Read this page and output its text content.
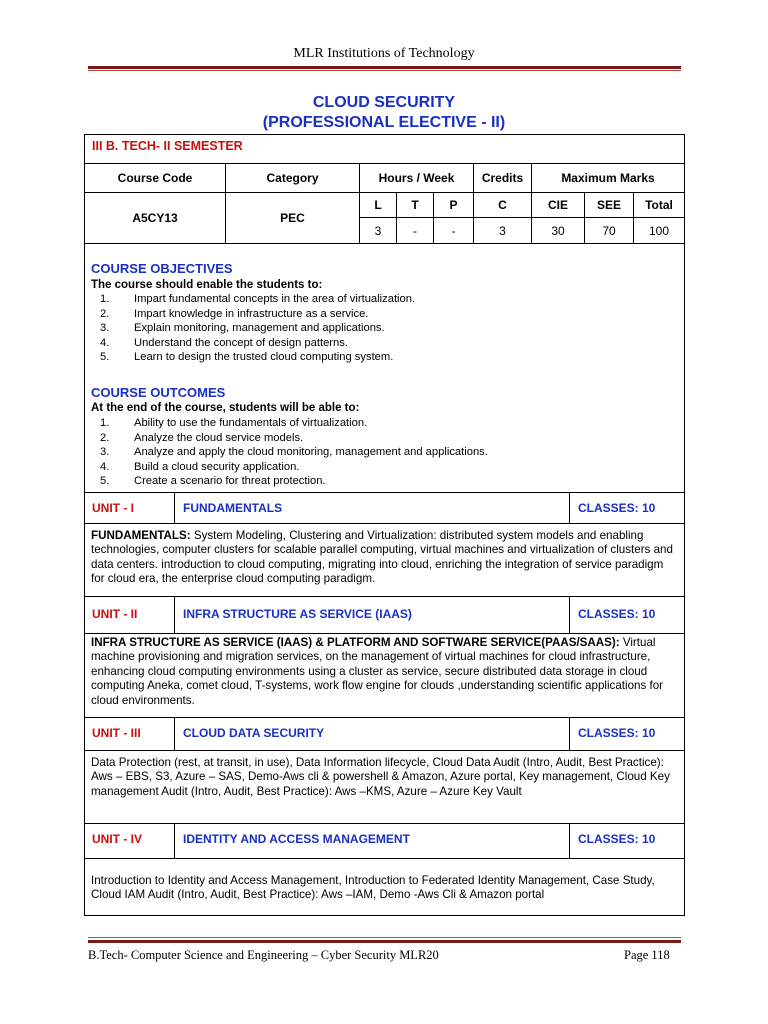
MLR Institutions of Technology
CLOUD SECURITY
(PROFESSIONAL ELECTIVE - II)
III B. TECH- II SEMESTER
Course Code	Category	Hours / Week	Credits	Maximum Marks
A5CY13	PEC
L	T	P	C	CIE	SEE	Total
3	-	-	3	30	70	100
COURSE OBJECTIVES
The course should enable the students to:
1. Impart fundamental concepts in the area of virtualization.
2. Impart knowledge in infrastructure as a service.
3. Explain monitoring, management and applications.
4. Understand the concept of design patterns.
5. Learn to design the trusted cloud computing system.
COURSE OUTCOMES
At the end of the course, students will be able to:
1. Ability to use the fundamentals of virtualization.
2. Analyze the cloud service models.
3. Analyze and apply the cloud monitoring, management and applications.
4. Build a cloud security application.
5. Create a scenario for threat protection.
UNIT - I	FUNDAMENTALS	CLASSES: 10
FUNDAMENTALS: System Modeling, Clustering and Virtualization: distributed system models and enabling technologies, computer clusters for scalable parallel computing, virtual machines and virtualization of clusters and data centers. introduction to cloud computing, migrating into cloud, enriching the integration of service paradigm for cloud era, the enterprise cloud computing paradigm.
UNIT - II	INFRA STRUCTURE AS SERVICE (IAAS)	CLASSES: 10
INFRA STRUCTURE AS SERVICE (IAAS) & PLATFORM AND SOFTWARE SERVICE(PAAS/SAAS): Virtual machine provisioning and migration services, on the management of virtual machines for cloud infrastructure, enhancing cloud computing environments using a cluster as service, secure distributed data storage in cloud computing Aneka, comet cloud, T-systems, work flow engine for clouds ,understanding scientific applications for cloud environments.
UNIT - III	CLOUD DATA SECURITY	CLASSES: 10
Data Protection (rest, at transit, in use), Data Information lifecycle, Cloud Data Audit (Intro, Audit, Best Practice): Aws – EBS, S3, Azure – SAS, Demo-Aws cli & powershell & Amazon, Azure portal, Key management, Cloud Key management Audit (Intro, Audit, Best Practice): Aws –KMS, Azure – Azure Key Vault
UNIT - IV	IDENTITY AND ACCESS MANAGEMENT	CLASSES: 10
Introduction to Identity and Access Management, Introduction to Federated Identity Management, Case Study, Cloud IAM Audit (Intro, Audit, Best Practice): Aws –IAM, Demo -Aws Cli & Amazon portal
B.Tech- Computer Science and Engineering – Cyber Security MLR20	Page 118
